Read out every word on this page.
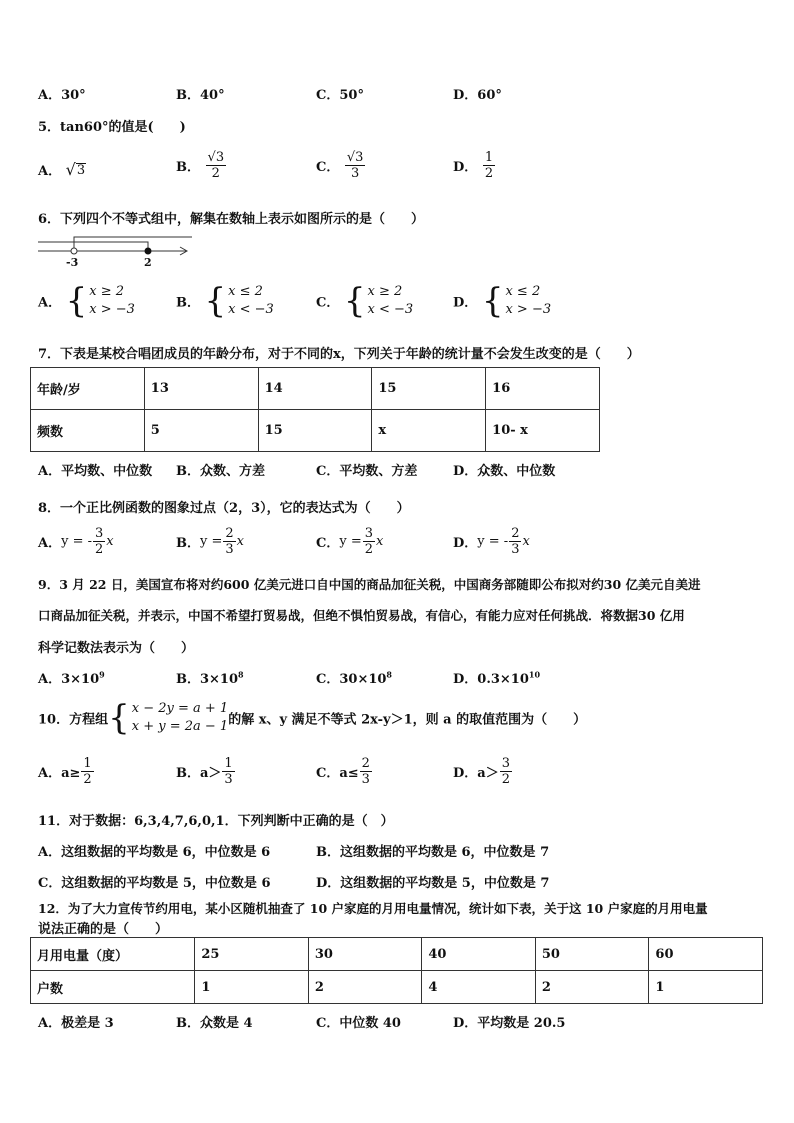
A．30°	B．40°	C．50°	D．60°
5．tan60°的值是(　　)
A． √ 3	B． $\frac{√3}{2}$	C． $\frac{√3}{3}$	D． $\frac{1}{2}$
6．下列四个不等式组中，解集在数轴上表示如图所示的是（　　）
-3	2
A． { x ≥ 2
x > −3	B． { x ≤ 2
x < −3	C． { x ≥ 2
x < −3	D． { x ≤ 2
x > −3
7．下表是某校合唱团成员的年龄分布，对于不同的x，下列关于年龄的统计量不会发生改变的是（　　）
年龄/岁	13	14	15	16
频数	5	15	x	10- x
A．平均数、中位数 B．众数、方差	C．平均数、方差	D．众数、中位数
8．一个正比例函数的图象过点（2，3），它的表达式为（　　）
A．y = - $\frac{3}{2}$ x	B．$y = \frac{2}{3}$ x	C．$y = \frac{3}{2}$ x	D．y = - $\frac{2}{3}$ x
9．3 月 22 日，美国宣布将对约600 亿美元进口自中国的商品加征关税，中国商务部随即公布拟对约30 亿美元自美进
口商品加征关税，并表示，中国不希望打贸易战，但绝不惧怕贸易战，有信心，有能力应对任何挑战．将数据30 亿用
科学记数法表示为（　　）
A．$3\times 10^9$	B．$3\times 10^8$	C．$30\times 10^8$	D．$0.3\times 10^{10}$
10．方程组 { x − 2y = a + 1
x + y = 2a − 1 的解 x、y 满足不等式 2x-y＞1，则 a 的取值范围为（　　）
A．$a\ge \frac{1}{2}$	B．$a> \frac{1}{3}$	C．$a\le \frac{2}{3}$	D．$a> \frac{3}{2}$
11．对于数据：6,3,4,7,6,0,1．下列判断中正确的是（　）
A．这组数据的平均数是 6，中位数是 6	B．这组数据的平均数是 6，中位数是 7
C．这组数据的平均数是 5，中位数是 6	D．这组数据的平均数是 5，中位数是 7
12．为了大力宣传节约用电，某小区随机抽查了 10 户家庭的月用电量情况，统计如下表，关于这 10 户家庭的月用电量
说法正确的是（　　）
月用电量（度）	25	30	40	50	60
户数	1	2	4	2	1
A．极差是 3	B．众数是 4	C．中位数 40	D．平均数是 20.5
